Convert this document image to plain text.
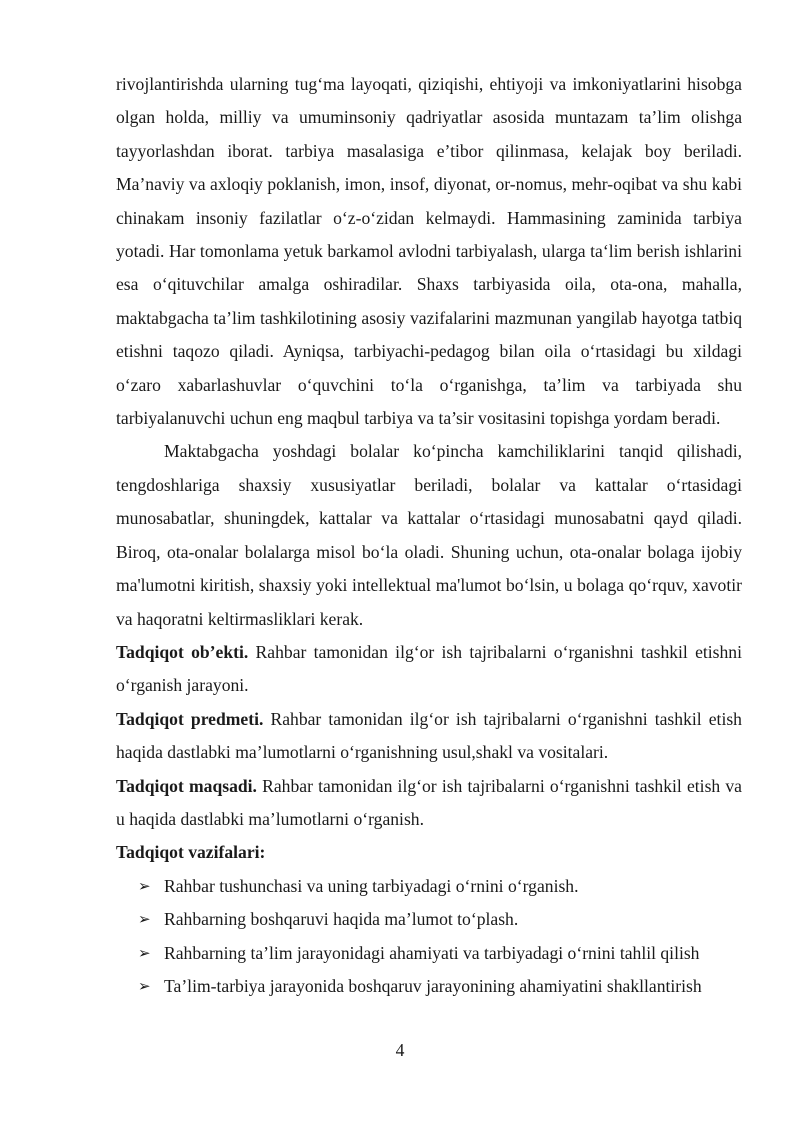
rivojlantirishda ularning tug‘ma layoqati, qiziqishi, ehtiyoji va imkoniyatlarini hisobga olgan holda, milliy va umuminsoniy qadriyatlar asosida muntazam ta’lim olishga tayyorlashdan iborat. tarbiya masalasiga e’tibor qilinmasa, kelajak boy beriladi. Ma’naviy va axloqiy poklanish, imon, insof, diyonat, or-nomus, mehr-oqibat va shu kabi chinakam insoniy fazilatlar o‘z-o‘zidan kelmaydi. Hammasining zaminida tarbiya yotadi. Har tomonlama yetuk barkamol avlodni tarbiyalash, ularga ta‘lim berish ishlarini esa o‘qituvchilar amalga oshiradilar. Shaxs tarbiyasida oila, ota-ona, mahalla, maktabgacha ta’lim tashkilotining asosiy vazifalarini mazmunan yangilab hayotga tatbiq etishni taqozo qiladi. Ayniqsa, tarbiyachi-pedagog bilan oila o‘rtasidagi bu xildagi o‘zaro xabarlashuvlar o‘quvchini to‘la o‘rganishga, ta’lim va tarbiyada shu tarbiyalanuvchi uchun eng maqbul tarbiya va ta’sir vositasini topishga yordam beradi.

Maktabgacha yoshdagi bolalar ko‘pincha kamchiliklarini tanqid qilishadi, tengdoshlariga shaxsiy xususiyatlar beriladi, bolalar va kattalar o‘rtasidagi munosabatlar, shuningdek, kattalar va kattalar o‘rtasidagi munosabatni qayd qiladi. Biroq, ota-onalar bolalarga misol bo‘la oladi. Shuning uchun, ota-onalar bolaga ijobiy ma'lumotni kiritish, shaxsiy yoki intellektual ma'lumot bo‘lsin, u bolaga qo‘rquv, xavotir va haqoratni keltirmasliklari kerak.

Tadqiqot ob’ekti. Rahbar tamonidan ilg‘or ish tajribalarni o‘rganishni tashkil etishni o‘rganish jarayoni.

Tadqiqot predmeti. Rahbar tamonidan ilg‘or ish tajribalarni o‘rganishni tashkil etish haqida dastlabki ma’lumotlarni o‘rganishning usul,shakl va vositalari.

Tadqiqot maqsadi. Rahbar tamonidan ilg‘or ish tajribalarni o‘rganishni tashkil etish va u haqida dastlabki ma’lumotlarni o‘rganish.

Tadqiqot vazifalari:

➢ Rahbar tushunchasi va uning tarbiyadagi o‘rnini o‘rganish.
➢ Rahbarning boshqaruvi haqida ma’lumot to‘plash.
➢ Rahbarning ta’lim jarayonidagi ahamiyati va tarbiyadagi o‘rnini tahlil qilish
➢ Ta’lim-tarbiya jarayonida boshqaruv jarayonining ahamiyatini shakllantirish
4
